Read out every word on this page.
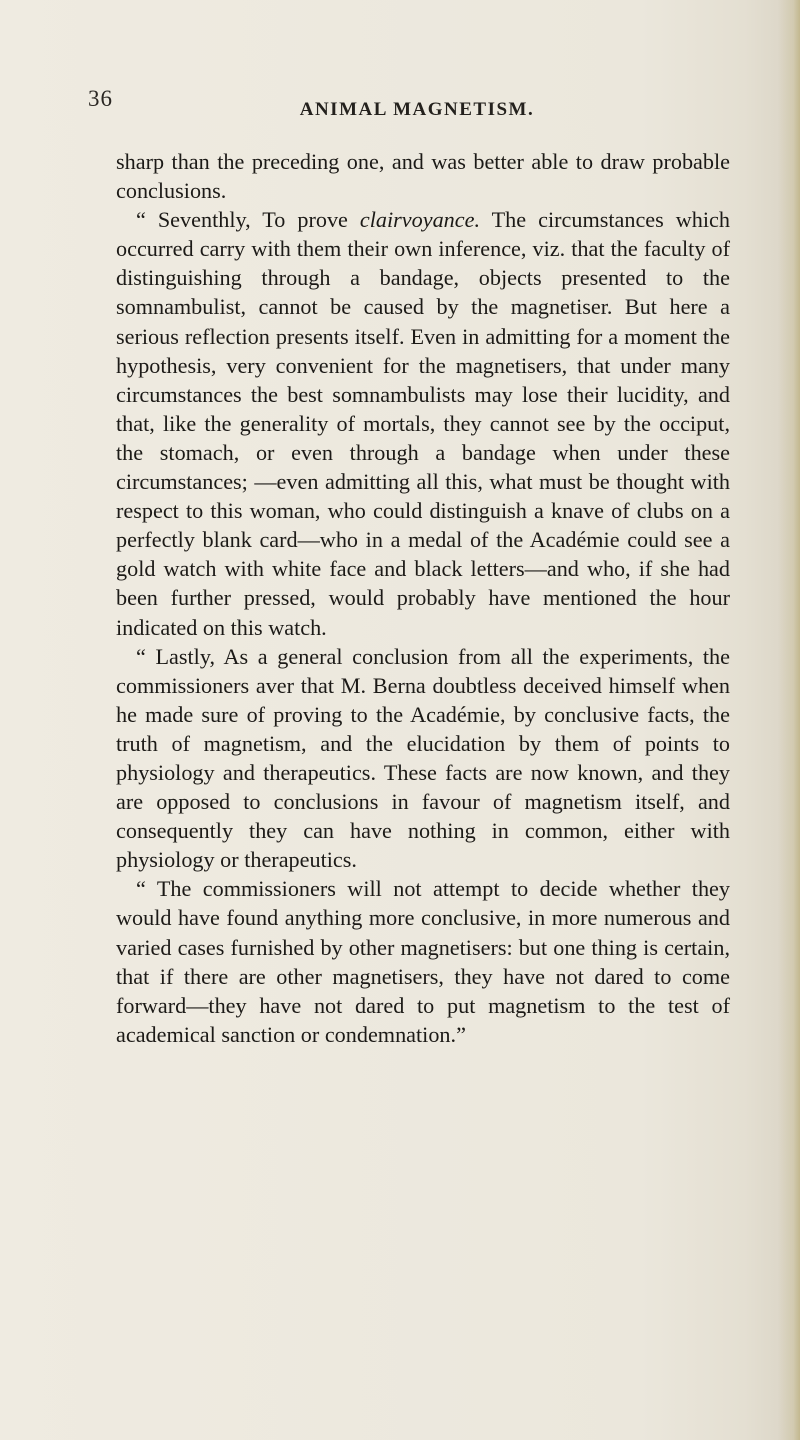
36	ANIMAL MAGNETISM.

sharp than the preceding one, and was better able to draw probable conclusions.

“ Seventhly, To prove clairvoyance. The circumstances which occurred carry with them their own inference, viz. that the faculty of distinguishing through a bandage, objects presented to the somnambulist, cannot be caused by the magnetiser. But here a serious reflection presents itself. Even in admitting for a moment the hypothesis, very convenient for the magnetisers, that under many circumstances the best somnambulists may lose their lucidity, and that, like the generality of mortals, they cannot see by the occiput, the stomach, or even through a bandage when under these circumstances; —even admitting all this, what must be thought with respect to this woman, who could distinguish a knave of clubs on a perfectly blank card—who in a medal of the Académie could see a gold watch with white face and black letters—and who, if she had been further pressed, would probably have mentioned the hour indicated on this watch.

“ Lastly, As a general conclusion from all the experiments, the commissioners aver that M. Berna doubtless deceived himself when he made sure of proving to the Académie, by conclusive facts, the truth of magnetism, and the elucidation by them of points to physiology and therapeutics. These facts are now known, and they are opposed to conclusions in favour of magnetism itself, and consequently they can have nothing in common, either with physiology or therapeutics.

“ The commissioners will not attempt to decide whether they would have found anything more conclusive, in more numerous and varied cases furnished by other magnetisers: but one thing is certain, that if there are other magnetisers, they have not dared to come forward—they have not dared to put magnetism to the test of academical sanction or condemnation.”
